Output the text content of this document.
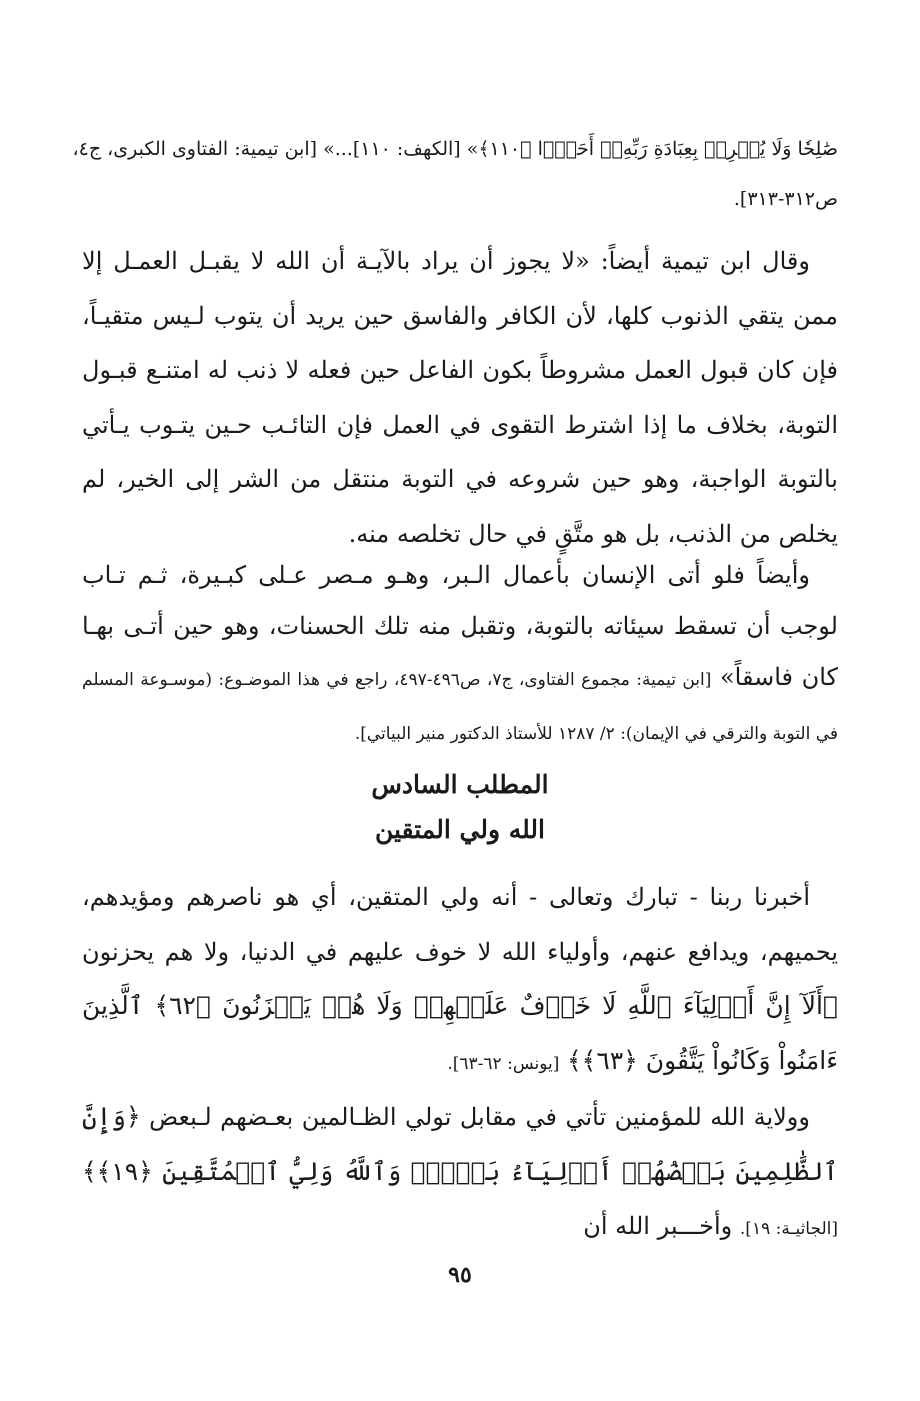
صَٰلِحٗا وَلَا يُشۡرِكۡ بِعِبَادَةِ رَبِّهِۦٓ أَحَدَۢا ﴿١١٠﴾» [الكهف: ١١٠]...» [ابن تيمية: الفتاوى الكبرى، ج٤،
ص٣١٢-٣١٣].
وقال ابن تيمية أيضاً: «لا يجوز أن يراد بالآيـة أن الله لا يقبـل العمـل إلا ممن يتقي الذنوب كلها، لأن الكافر والفاسق حين يريد أن يتوب لـيس متقيـاً، فإن كان قبول العمل مشروطاً بكون الفاعل حين فعله لا ذنب له امتنـع قبـول التوبة، بخلاف ما إذا اشترط التقوى في العمل فإن التائـب حـين يتـوب يـأتي بالتوبة الواجبة، وهو حين شروعه في التوبة منتقل من الشر إلى الخير، لم يخلص من الذنب، بل هو متَّقٍ في حال تخلصه منه.
وأيضاً فلو أتى الإنسان بأعمال الـبر، وهـو مـصر عـلى كبـيرة، ثـم تـاب لوجب أن تسقط سيئاته بالتوبة، وتقبل منه تلك الحسنات، وهو حين أتـى بهـا كان فاسقاً» [ابن تيمية: مجموع الفتاوى، ج٧، ص٤٩٦-٤٩٧، راجع في هذا الموضـوع: (موسـوعة المسلم في التوبة والترقي في الإيمان): ٢/ ١٢٨٧ للأستاذ الدكتور منير البياتي].
المطلب السادس
الله ولي المتقين
أخبرنا ربنا - تبارك وتعالى - أنه ولي المتقين، أي هو ناصرهم ومؤيدهم، يحميهم، ويدافع عنهم، وأولياء الله لا خوف عليهم في الدنيا، ولا هم يحزنون ﴿أَلَآ إِنَّ أَوۡلِيَآءَ ٱللَّهِ لَا خَوۡفٌ عَلَيۡهِمۡ وَلَا هُمۡ يَحۡزَنُونَ ﴿٦٢﴾ ٱلَّذِينَ ءَامَنُواْ وَكَانُواْ يَتَّقُونَ ﴿٦٣﴾﴾ [يونس: ٦٢-٦٣].
وولاية الله للمؤمنين تأتي في مقابل تولي الظـالمين بعـضهم لـبعض ﴿وَإِنَّ ٱلظَّٰلِمِينَ بَعۡضُهُمۡ أَوۡلِيَآءُ بَعۡضٖۖ وَٱللَّهُ وَلِيُّ ٱلۡمُتَّقِينَ ﴿١٩﴾﴾ [الجاثيـة: ١٩]. وأخـــبر الله أن
٩٥
